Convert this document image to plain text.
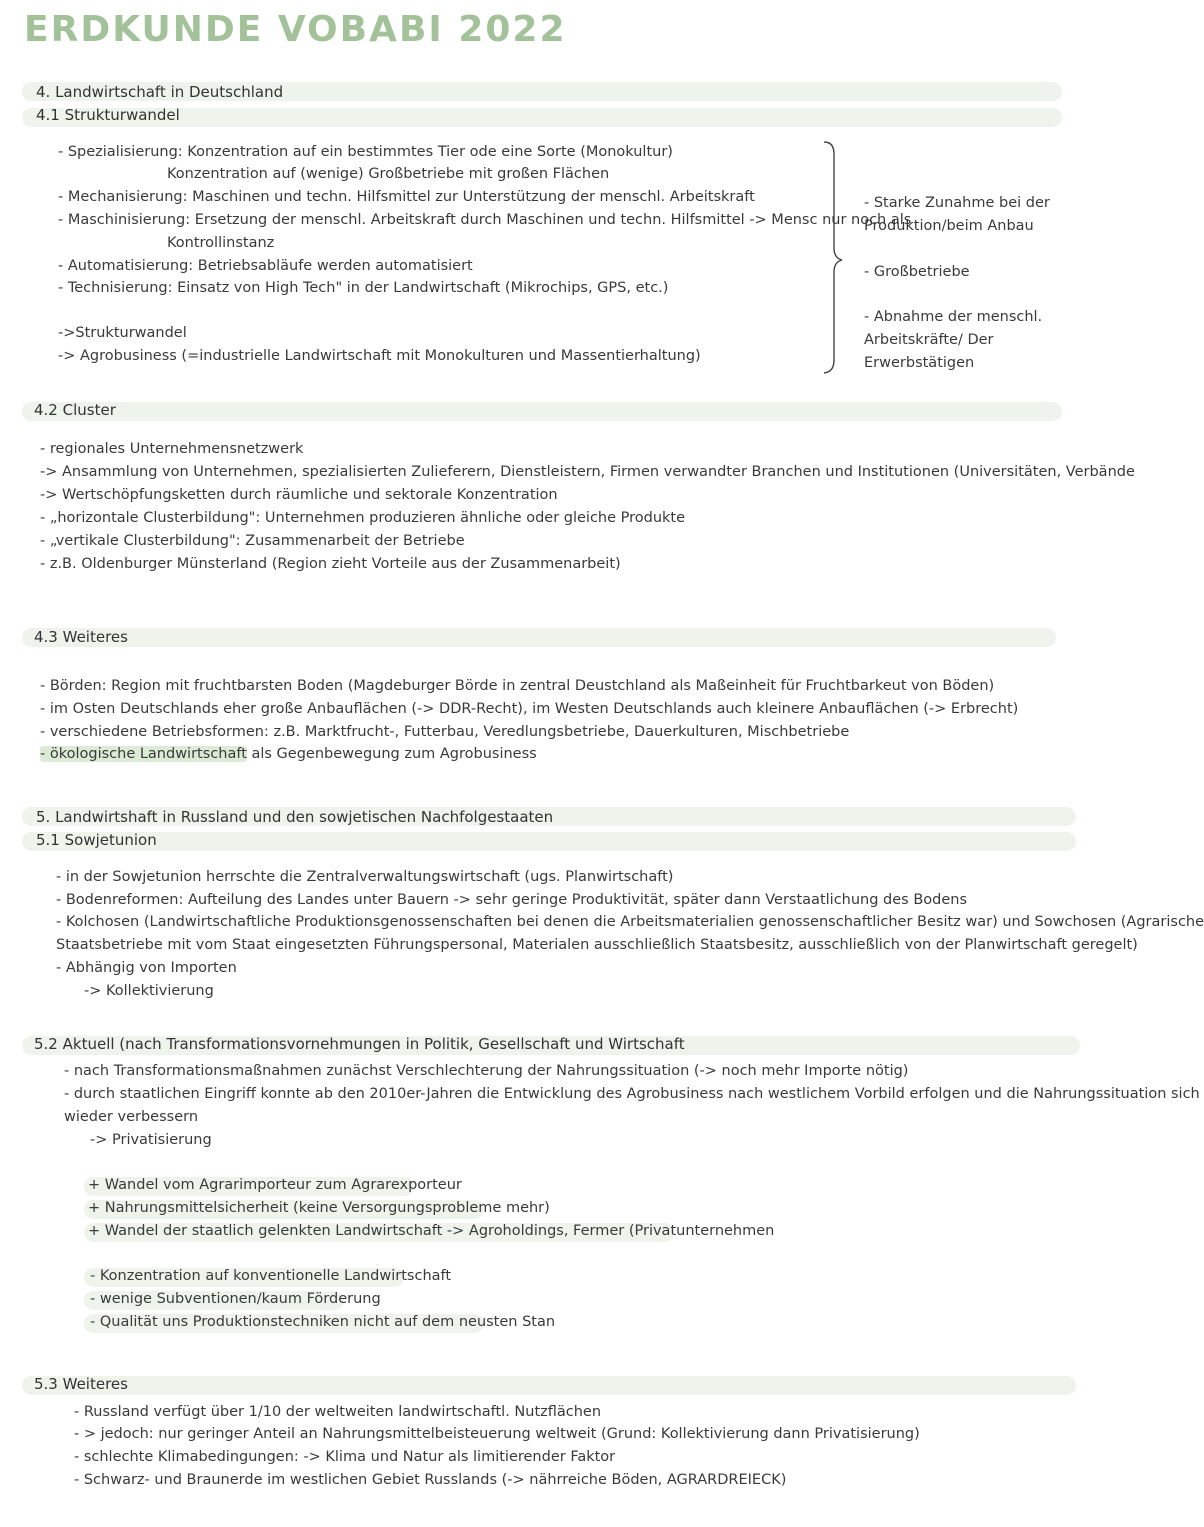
ERDKUNDE VOBABI 2022
4. Landwirtschaft in Deutschland
4.1 Strukturwandel
- Spezialisierung: Konzentration auf ein bestimmtes Tier ode eine Sorte (Monokultur)
Konzentration auf (wenige) Großbetriebe mit großen Flächen
- Mechanisierung: Maschinen und techn. Hilfsmittel zur Unterstützung der menschl. Arbeitskraft
- Maschinisierung: Ersetzung der menschl. Arbeitskraft durch Maschinen und techn. Hilfsmittel -> Mensc nur noch als
Kontrollinstanz
- Automatisierung: Betriebsabläufe werden automatisiert
- Technisierung: Einsatz von High Tech" in der Landwirtschaft (Mikrochips, GPS, etc.)
->Strukturwandel
-> Agrobusiness (=industrielle Landwirtschaft mit Monokulturen und Massentierhaltung)
- Starke Zunahme bei der
Produktion/beim Anbau
- Großbetriebe
- Abnahme der menschl.
Arbeitskräfte/ Der
Erwerbstätigen
4.2 Cluster
- regionales Unternehmensnetzwerk
-> Ansammlung von Unternehmen, spezialisierten Zulieferern, Dienstleistern, Firmen verwandter Branchen und Institutionen (Universitäten, Verbände
-> Wertschöpfungsketten durch räumliche und sektorale Konzentration
- „horizontale Clusterbildung": Unternehmen produzieren ähnliche oder gleiche Produkte
- „vertikale Clusterbildung": Zusammenarbeit der Betriebe
- z.B. Oldenburger Münsterland (Region zieht Vorteile aus der Zusammenarbeit)
4.3 Weiteres
- Börden: Region mit fruchtbarsten Boden (Magdeburger Börde in zentral Deustchland als Maßeinheit für Fruchtbarkeut von Böden)
- im Osten Deutschlands eher große Anbauflächen (-> DDR-Recht), im Westen Deutschlands auch kleinere Anbauflächen (-> Erbrecht)
- verschiedene Betriebsformen: z.B. Marktfrucht-, Futterbau, Veredlungsbetriebe, Dauerkulturen, Mischbetriebe
- ökologische Landwirtschaft als Gegenbewegung zum Agrobusiness
5. Landwirtshaft in Russland und den sowjetischen Nachfolgestaaten
5.1 Sowjetunion
- in der Sowjetunion herrschte die Zentralverwaltungswirtschaft (ugs. Planwirtschaft)
- Bodenreformen: Aufteilung des Landes unter Bauern -> sehr geringe Produktivität, später dann Verstaatlichung des Bodens
- Kolchosen (Landwirtschaftliche Produktionsgenossenschaften bei denen die Arbeitsmaterialien genossenschaftlicher Besitz war) und Sowchosen (Agrarische
Staatsbetriebe mit vom Staat eingesetzten Führungspersonal, Materialen ausschließlich Staatsbesitz, ausschließlich von der Planwirtschaft geregelt)
- Abhängig von Importen
-> Kollektivierung
5.2 Aktuell (nach Transformationsvornehmungen in Politik, Gesellschaft und Wirtschaft
- nach Transformationsmaßnahmen zunächst Verschlechterung der Nahrungssituation (-> noch mehr Importe nötig)
- durch staatlichen Eingriff konnte ab den 2010er-Jahren die Entwicklung des Agrobusiness nach westlichem Vorbild erfolgen und die Nahrungssituation sich
wieder verbessern
-> Privatisierung
+ Wandel vom Agrarimporteur zum Agrarexporteur
+ Nahrungsmittelsicherheit (keine Versorgungsprobleme mehr)
+ Wandel der staatlich gelenkten Landwirtschaft -> Agroholdings, Fermer (Privatunternehmen
- Konzentration auf konventionelle Landwirtschaft
- wenige Subventionen/kaum Förderung
- Qualität uns Produktionstechniken nicht auf dem neusten Stan
5.3 Weiteres
- Russland verfügt über 1/10 der weltweiten landwirtschaftl. Nutzflächen
- > jedoch: nur geringer Anteil an Nahrungsmittelbeisteuerung weltweit (Grund: Kollektivierung dann Privatisierung)
- schlechte Klimabedingungen: -> Klima und Natur als limitierender Faktor
- Schwarz- und Braunerde im westlichen Gebiet Russlands (-> nährreiche Böden, AGRARDREIECK)
